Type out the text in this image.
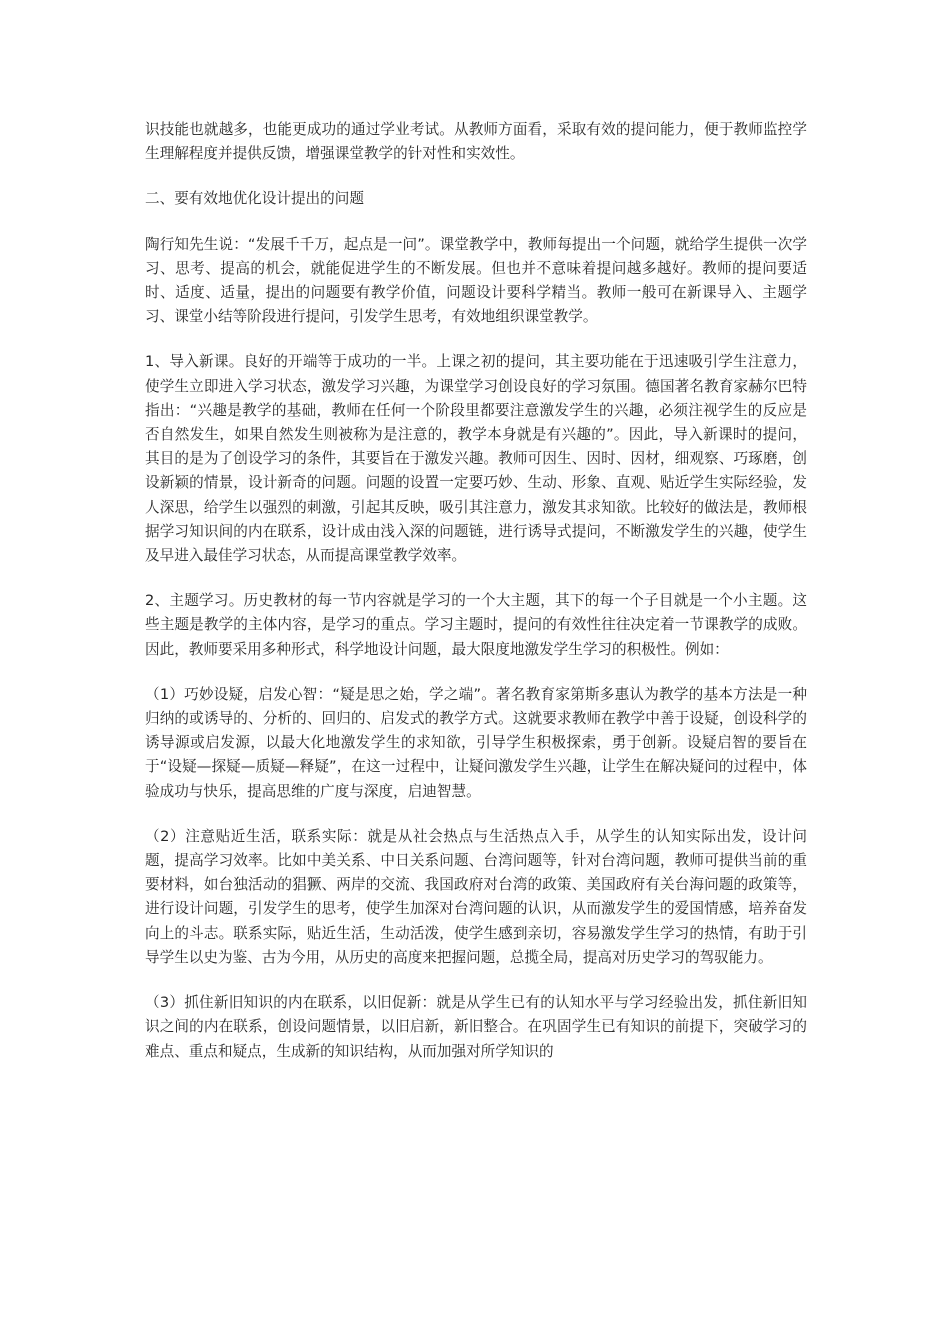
识技能也就越多，也能更成功的通过学业考试。从教师方面看，采取有效的提问能力，便于教师监控学生理解程度并提供反馈，增强课堂教学的针对性和实效性。

二、要有效地优化设计提出的问题

陶行知先生说：“发展千千万，起点是一问”。课堂教学中，教师每提出一个问题，就给学生提供一次学习、思考、提高的机会，就能促进学生的不断发展。但也并不意味着提问越多越好。教师的提问要适时、适度、适量，提出的问题要有教学价值，问题设计要科学精当。教师一般可在新课导入、主题学习、课堂小结等阶段进行提问，引发学生思考，有效地组织课堂教学。

1、导入新课。良好的开端等于成功的一半。上课之初的提问，其主要功能在于迅速吸引学生注意力，使学生立即进入学习状态，激发学习兴趣，为课堂学习创设良好的学习氛围。德国著名教育家赫尔巴特指出：“兴趣是教学的基础，教师在任何一个阶段里都要注意激发学生的兴趣，必须注视学生的反应是否自然发生，如果自然发生则被称为是注意的，教学本身就是有兴趣的”。因此，导入新课时的提问，其目的是为了创设学习的条件，其要旨在于激发兴趣。教师可因生、因时、因材，细观察、巧琢磨，创设新颖的情景，设计新奇的问题。问题的设置一定要巧妙、生动、形象、直观、贴近学生实际经验，发人深思，给学生以强烈的刺激，引起其反映，吸引其注意力，激发其求知欲。比较好的做法是，教师根据学习知识间的内在联系，设计成由浅入深的问题链，进行诱导式提问，不断激发学生的兴趣，使学生及早进入最佳学习状态，从而提高课堂教学效率。

2、主题学习。历史教材的每一节内容就是学习的一个大主题，其下的每一个子目就是一个小主题。这些主题是教学的主体内容，是学习的重点。学习主题时，提问的有效性往往决定着一节课教学的成败。因此，教师要采用多种形式，科学地设计问题，最大限度地激发学生学习的积极性。例如：

（1）巧妙设疑，启发心智：“疑是思之始，学之端”。著名教育家第斯多惠认为教学的基本方法是一种归纳的或诱导的、分析的、回归的、启发式的教学方式。这就要求教师在教学中善于设疑，创设科学的诱导源或启发源，以最大化地激发学生的求知欲，引导学生积极探索，勇于创新。设疑启智的要旨在于“设疑—探疑—质疑—释疑”，在这一过程中，让疑问激发学生兴趣，让学生在解决疑问的过程中，体验成功与快乐，提高思维的广度与深度，启迪智慧。

（2）注意贴近生活，联系实际：就是从社会热点与生活热点入手，从学生的认知实际出发，设计问题，提高学习效率。比如中美关系、中日关系问题、台湾问题等，针对台湾问题，教师可提供当前的重要材料，如台独活动的猖獗、两岸的交流、我国政府对台湾的政策、美国政府有关台海问题的政策等，进行设计问题，引发学生的思考，使学生加深对台湾问题的认识，从而激发学生的爱国情感，培养奋发向上的斗志。联系实际，贴近生活，生动活泼，使学生感到亲切，容易激发学生学习的热情，有助于引导学生以史为鉴、古为今用，从历史的高度来把握问题，总揽全局，提高对历史学习的驾驭能力。

（3）抓住新旧知识的内在联系，以旧促新：就是从学生已有的认知水平与学习经验出发，抓住新旧知识之间的内在联系，创设问题情景，以旧启新，新旧整合。在巩固学生已有知识的前提下，突破学习的难点、重点和疑点，生成新的知识结构，从而加强对所学知识的
